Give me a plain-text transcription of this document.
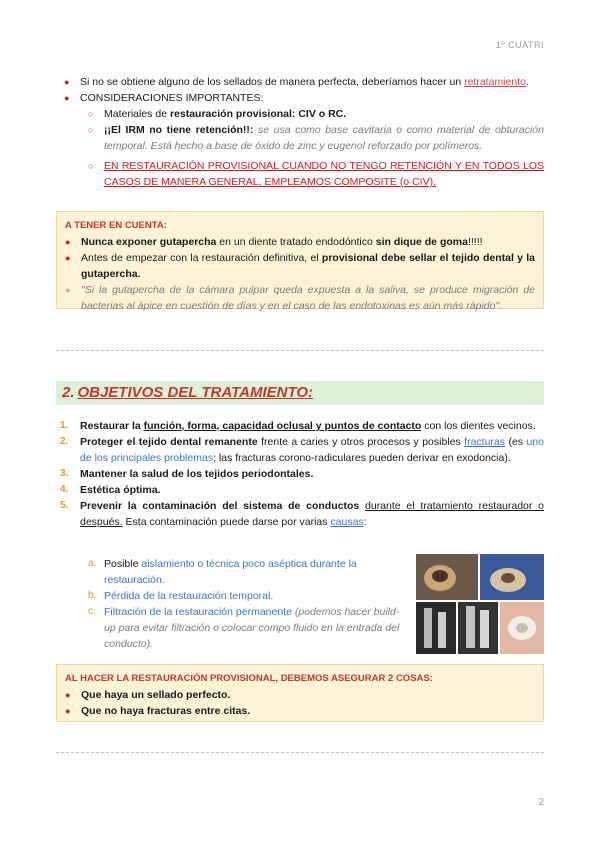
1º CUATRI
● Si no se obtiene alguno de los sellados de manera perfecta, deberíamos hacer un retratamiento.
● CONSIDERACIONES IMPORTANTES:
○ Materiales de restauración provisional: CIV o RC.
○ ¡¡El IRM no tiene retención!!: se usa como base cavitaria o como material de obturación temporal. Está hecho a base de óxido de zinc y eugenol reforzado por polímeros.
○ EN RESTAURACIÓN PROVISIONAL CUANDO NO TENGO RETENCIÓN Y EN TODOS LOS CASOS DE MANERA GENERAL, EMPLEAMOS COMPOSITE (o CIV).
A TENER EN CUENTA:
● Nunca exponer gutapercha en un diente tratado endodóntico sin dique de goma!!!!!
● Antes de empezar con la restauración definitiva, el provisional debe sellar el tejido dental y la gutapercha.
● "Si la gutapercha de la cámara pulpar queda expuesta a la saliva, se produce migración de bacterias al ápice en cuestión de días y en el caso de las endotoxinas es aún más rápido".
2. OBJETIVOS DEL TRATAMIENTO:
1. Restaurar la función, forma, capacidad oclusal y puntos de contacto con los dientes vecinos.
2. Proteger el tejido dental remanente frente a caries y otros procesos y posibles fracturas (es uno de los principales problemas; las fracturas corono-radiculares pueden derivar en exodoncia).
3. Mantener la salud de los tejidos periodontales.
4. Estética óptima.
5. Prevenir la contaminación del sistema de conductos durante el tratamiento restaurador o después. Esta contaminación puede darse por varias causas:
a. Posible aislamiento o técnica poco aséptica durante la restauración.
b. Pérdida de la restauración temporal.
c. Filtración de la restauración permanente (podemos hacer build-up para evitar filtración o colocar compo fluido en la entrada del conducto).
AL HACER LA RESTAURACIÓN PROVISIONAL, DEBEMOS ASEGURAR 2 COSAS:
● Que haya un sellado perfecto.
● Que no haya fracturas entre citas.
2
